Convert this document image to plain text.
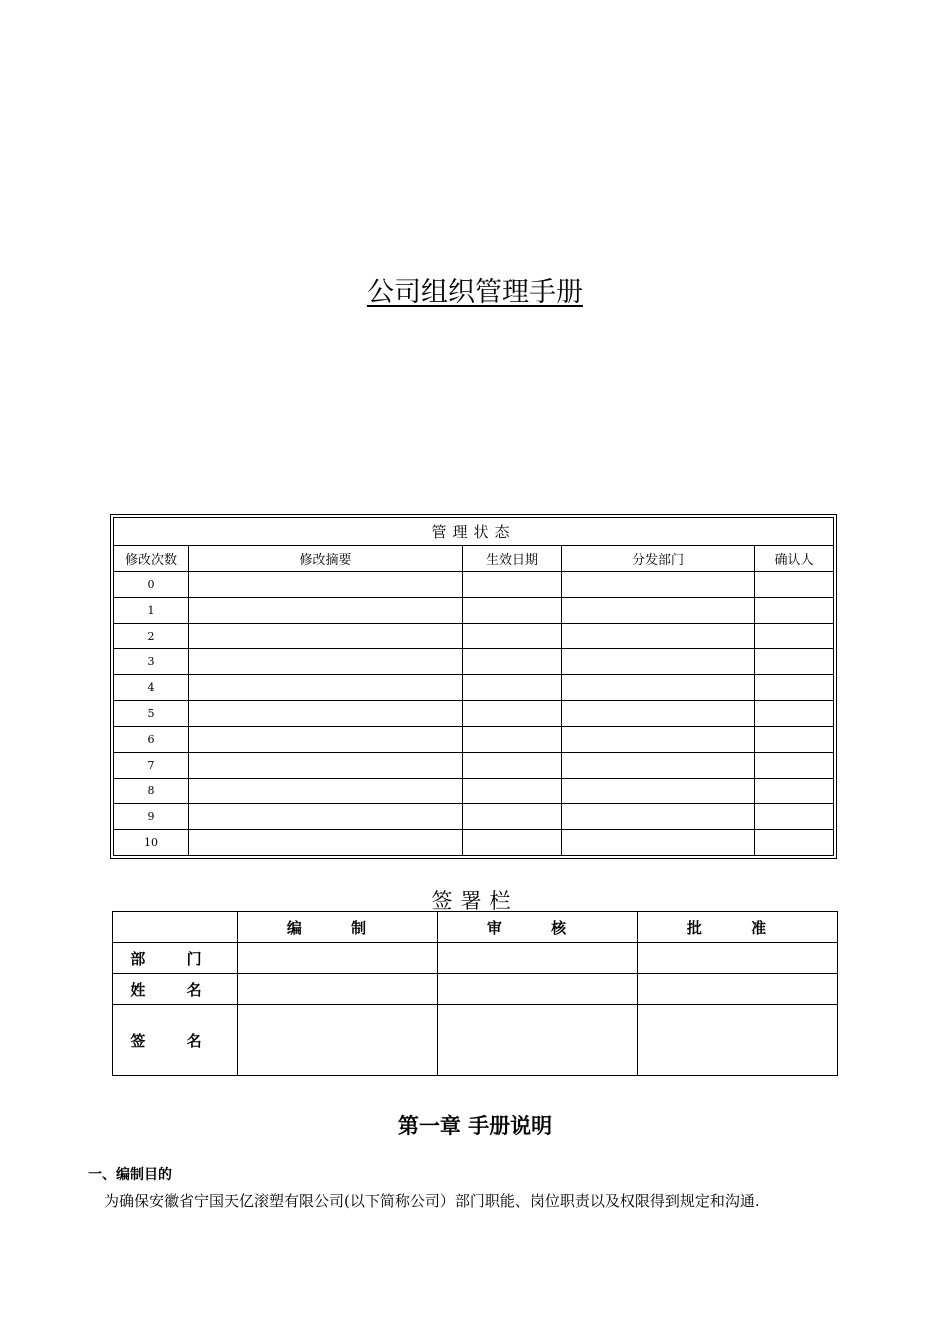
公司组织管理手册
管理状态				
修改次数	修改摘要	生效日期	分发部门	确认人
0				
1				
2				
3				
4				
5				
6				
7				
8				
9				
10				
签署栏
	编 制	审 核	批 准
部 门			
姓 名			
签 名			
第一章 手册说明
一、编制目的
为确保安徽省宁国天亿滚塑有限公司(以下简称公司）部门职能、岗位职责以及权限得到规定和沟通.
